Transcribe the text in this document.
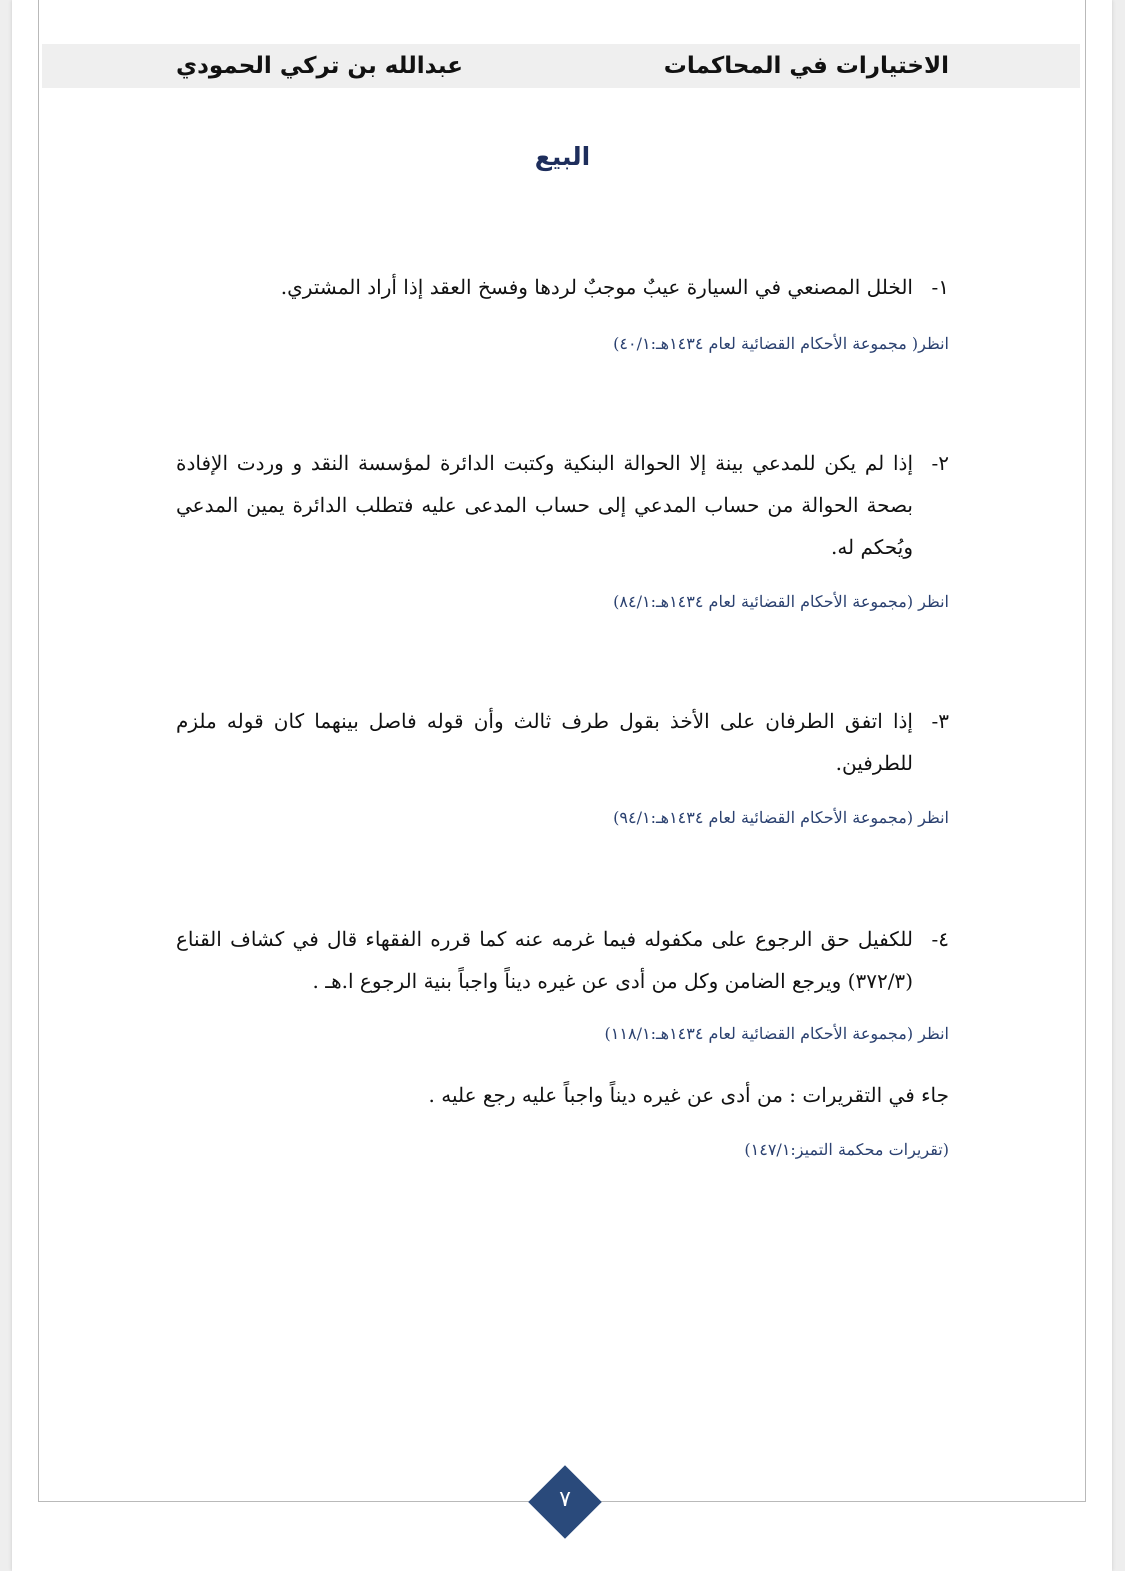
الاختيارات في المحاكمات
عبدالله بن تركي الحمودي
البيع
١-
الخلل المصنعي في السيارة عيبٌ موجبٌ لردها وفسخ العقد إذا أراد المشتري.
انظر( مجموعة الأحكام القضائية لعام ١٤٣٤هـ:٤٠/١)
٢-
إذا لم يكن للمدعي بينة إلا الحوالة البنكية وكتبت الدائرة لمؤسسة النقد و وردت الإفادة بصحة الحوالة من حساب المدعي إلى حساب المدعى عليه فتطلب الدائرة يمين المدعي ويُحكم له.
انظر (مجموعة الأحكام القضائية لعام ١٤٣٤هـ:٨٤/١)
٣-
إذا اتفق الطرفان على الأخذ بقول طرف ثالث وأن قوله فاصل بينهما كان قوله ملزم للطرفين.
انظر (مجموعة الأحكام القضائية لعام ١٤٣٤هـ:٩٤/١)
٤-
للكفيل حق الرجوع على مكفوله فيما غرمه عنه كما قرره الفقهاء قال في كشاف القناع (٣٧٢/٣) ويرجع الضامن وكل من أدى عن غيره ديناً واجباً بنية الرجوع ا.هـ .
انظر (مجموعة الأحكام القضائية لعام ١٤٣٤هـ:١١٨/١)
جاء في التقريرات : من أدى عن غيره ديناً واجباً عليه رجع عليه .
(تقريرات محكمة التميز:١٤٧/١)
٧
